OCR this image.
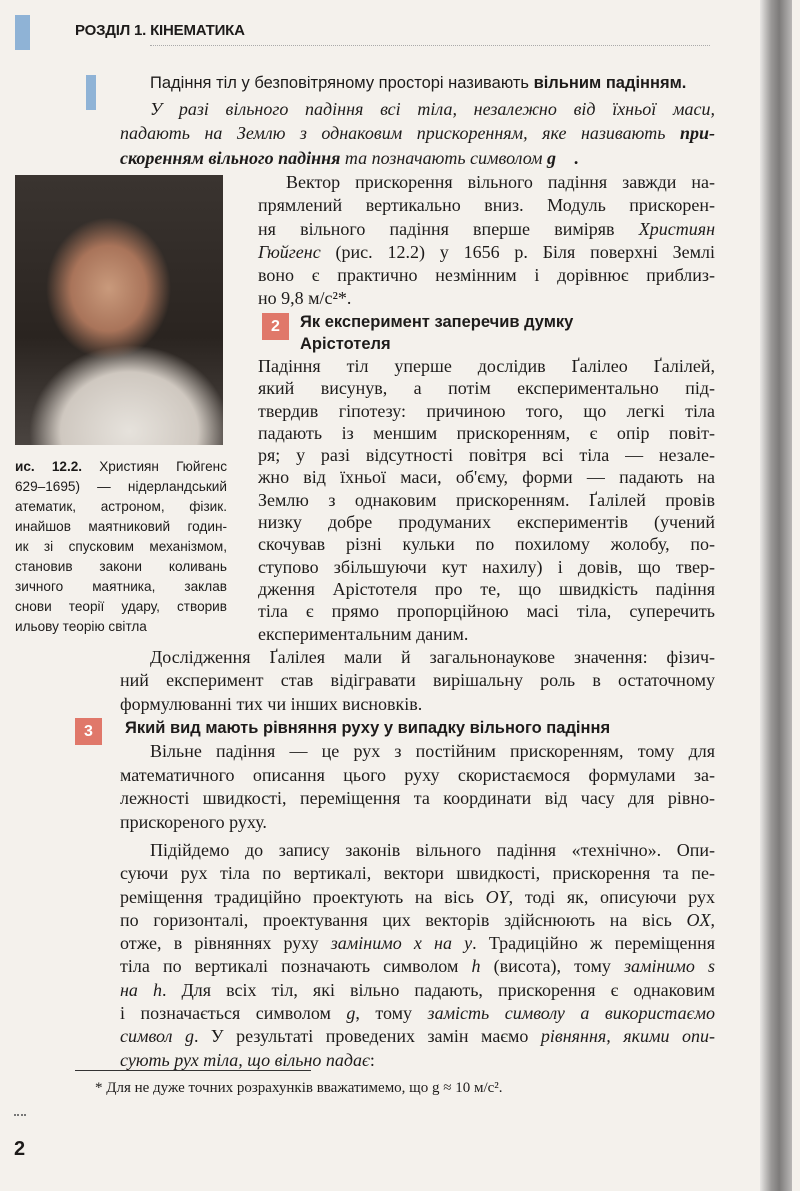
РОЗДІЛ 1. КІНЕМАТИКА
Падіння тіл у безповітряному просторі називають вільним падінням.
У разі вільного падіння всі тіла, незалежно від їхньої маси,
падають на Землю з однаковим прискоренням, яке називають при-
скоренням вільного падіння та позначають символом g⃗ .
Вектор прискорення вільного падіння завжди на-
прямлений вертикально вниз. Модуль прискорен-
ня вільного падіння вперше виміряв Християн
Гюйгенс (рис. 12.2) у 1656 р. Біля поверхні Землі
воно є практично незмінним і дорівнює приблиз-
но 9,8 м/с²*.
2	Як експеримент заперечив думку
Арістотеля
Падіння тіл уперше дослідив Ґалілео Ґалілей,
який висунув, а потім експериментально під-
твердив гіпотезу: причиною того, що легкі тіла
падають із меншим прискоренням, є опір повіт-
ря; у разі відсутності повітря всі тіла — незале-
жно від їхньої маси, об'єму, форми — падають на
Землю з однаковим прискоренням. Ґалілей провів
низку добре продуманих експериментів (учений
скочував різні кульки по похилому жолобу, по-
ступово збільшуючи кут нахилу) і довів, що твер-
дження Арістотеля про те, що швидкість падіння
тіла є прямо пропорційною масі тіла, суперечить
експериментальним даним.
ис. 12.2. Християн Гюйгенс
629–1695) — нідерландський
атематик, астроном, фізик.
инайшов маятниковий годин-
ик зі спусковим механізмом,
становив закони коливань
зичного маятника, заклав
снови теорії удару, створив
ильову теорію світла
Дослідження Ґалілея мали й загальнонаукове значення: фізич-
ний експеримент став відігравати вирішальну роль в остаточному
формулюванні тих чи інших висновків.
3	Який вид мають рівняння руху у випадку вільного падіння
Вільне падіння — це рух з постійним прискоренням, тому для
математичного описання цього руху скористаємося формулами за-
лежності швидкості, переміщення та координати від часу для рівно-
прискореного руху.
Підійдемо до запису законів вільного падіння «технічно». Опи-
суючи рух тіла по вертикалі, вектори швидкості, прискорення та пе-
реміщення традиційно проектують на вісь OY, тоді як, описуючи рух
по горизонталі, проектування цих векторів здійснюють на вісь OX,
отже, в рівняннях руху замінимо x на y. Традиційно ж переміщення
тіла по вертикалі позначають символом h (висота), тому замінимо s
на h. Для всіх тіл, які вільно падають, прискорення є однаковим
і позначається символом g, тому замість символу a використаємо
символ g. У результаті проведених замін маємо рівняння, якими опи-
сують рух тіла, що вільно падає:
* Для не дуже точних розрахунків вважатимемо, що g ≈ 10 м/с².
2
